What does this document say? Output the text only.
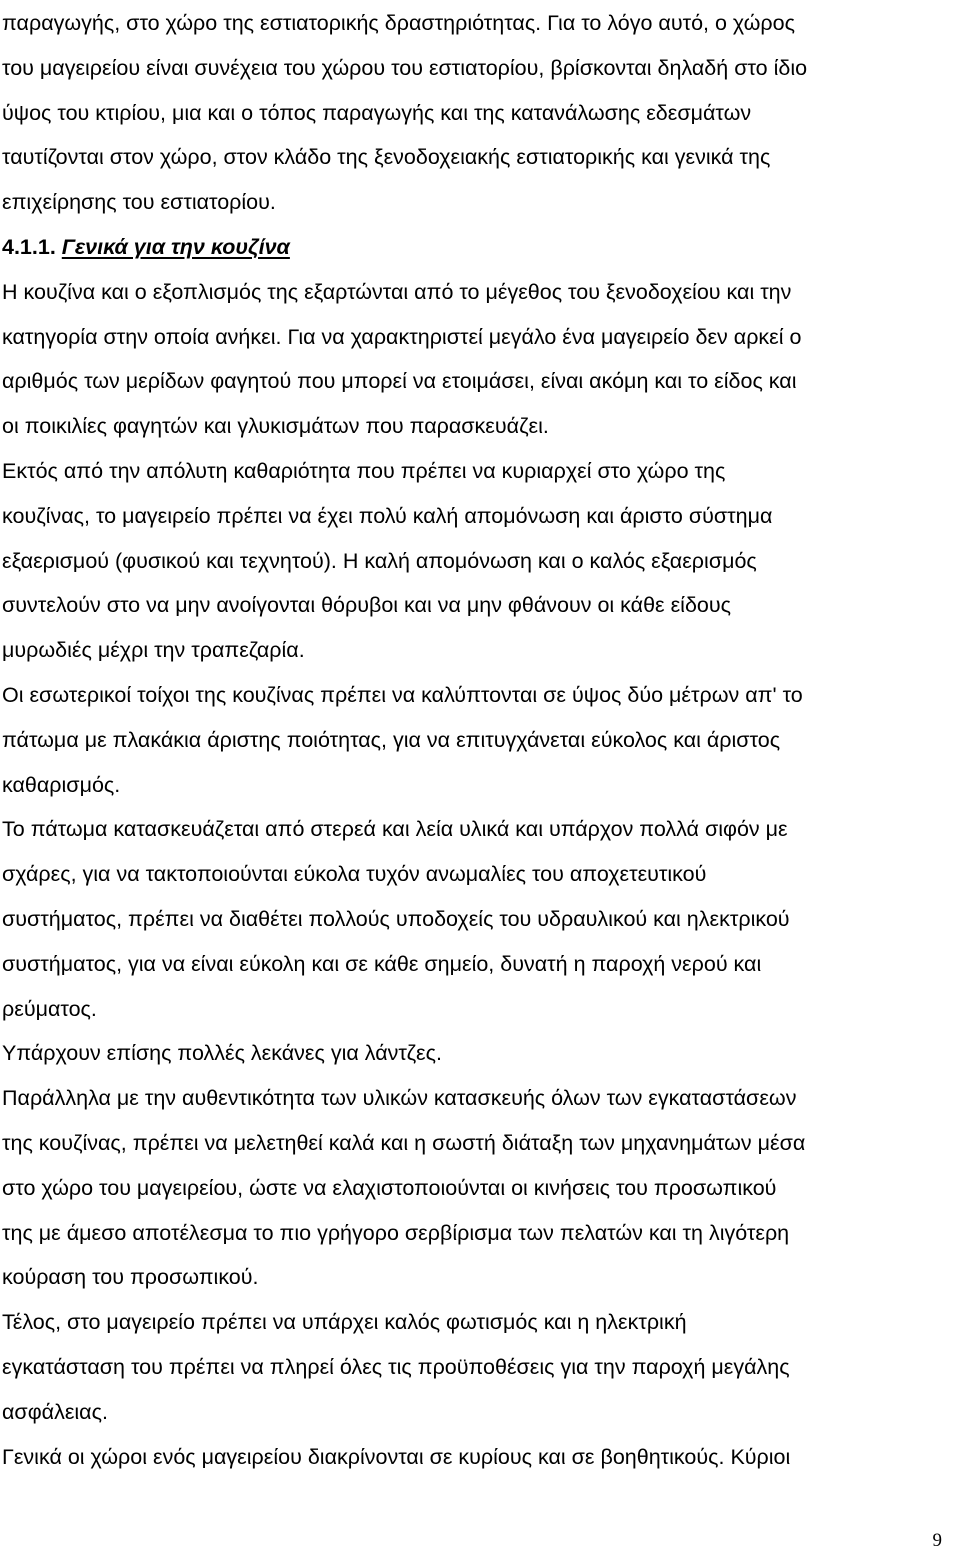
παραγωγής, στο χώρο της εστιατορικής δραστηριότητας. Για το λόγο αυτό, ο χώρος
του μαγειρείου είναι συνέχεια του χώρου του εστιατορίου, βρίσκονται δηλαδή στο ίδιο
ύψος του κτιρίου, μια και ο τόπος παραγωγής και της κατανάλωσης εδεσμάτων
ταυτίζονται στον χώρο, στον κλάδο της ξενοδοχειακής εστιατορικής και γενικά της
επιχείρησης του εστιατορίου.
4.1.1. Γενικά για την κουζίνα
Η κουζίνα και ο εξοπλισμός της εξαρτώνται από το μέγεθος του ξενοδοχείου και την
κατηγορία στην οποία ανήκει. Για να χαρακτηριστεί μεγάλο ένα μαγειρείο δεν αρκεί ο
αριθμός των μερίδων φαγητού που μπορεί να ετοιμάσει, είναι ακόμη και το είδος και
οι ποικιλίες φαγητών και γλυκισμάτων που παρασκευάζει.
Εκτός από την απόλυτη καθαριότητα που πρέπει να κυριαρχεί στο χώρο της
κουζίνας, το μαγειρείο πρέπει να έχει πολύ καλή απομόνωση και άριστο σύστημα
εξαερισμού (φυσικού και τεχνητού). Η καλή απομόνωση και ο καλός εξαερισμός
συντελούν στο να μην ανοίγονται θόρυβοι και να μην φθάνουν οι κάθε είδους
μυρωδιές μέχρι την τραπεζαρία.
Οι εσωτερικοί τοίχοι της κουζίνας πρέπει να καλύπτονται σε ύψος δύο μέτρων απ' το
πάτωμα με πλακάκια άριστης ποιότητας, για να επιτυγχάνεται εύκολος και άριστος
καθαρισμός.
Το πάτωμα κατασκευάζεται από στερεά και λεία υλικά και υπάρχον πολλά σιφόν με
σχάρες, για να τακτοποιούνται εύκολα τυχόν ανωμαλίες του αποχετευτικού
συστήματος, πρέπει να διαθέτει πολλούς υποδοχείς του υδραυλικού και ηλεκτρικού
συστήματος, για να είναι εύκολη και σε κάθε σημείο, δυνατή η παροχή νερού και
ρεύματος.
Υπάρχουν επίσης πολλές λεκάνες για λάντζες.
Παράλληλα με την αυθεντικότητα των υλικών κατασκευής όλων των εγκαταστάσεων
της κουζίνας, πρέπει να μελετηθεί καλά και η σωστή διάταξη των μηχανημάτων μέσα
στο χώρο του μαγειρείου, ώστε να ελαχιστοποιούνται οι κινήσεις του προσωπικού
της με άμεσο αποτέλεσμα το πιο γρήγορο σερβίρισμα των πελατών και τη λιγότερη
κούραση του προσωπικού.
Τέλος, στο μαγειρείο πρέπει να υπάρχει καλός φωτισμός και η ηλεκτρική
εγκατάσταση του πρέπει να πληρεί όλες τις προϋποθέσεις για την παροχή μεγάλης
ασφάλειας.
Γενικά οι χώροι ενός μαγειρείου διακρίνονται σε κυρίους και σε βοηθητικούς. Κύριοι
9
